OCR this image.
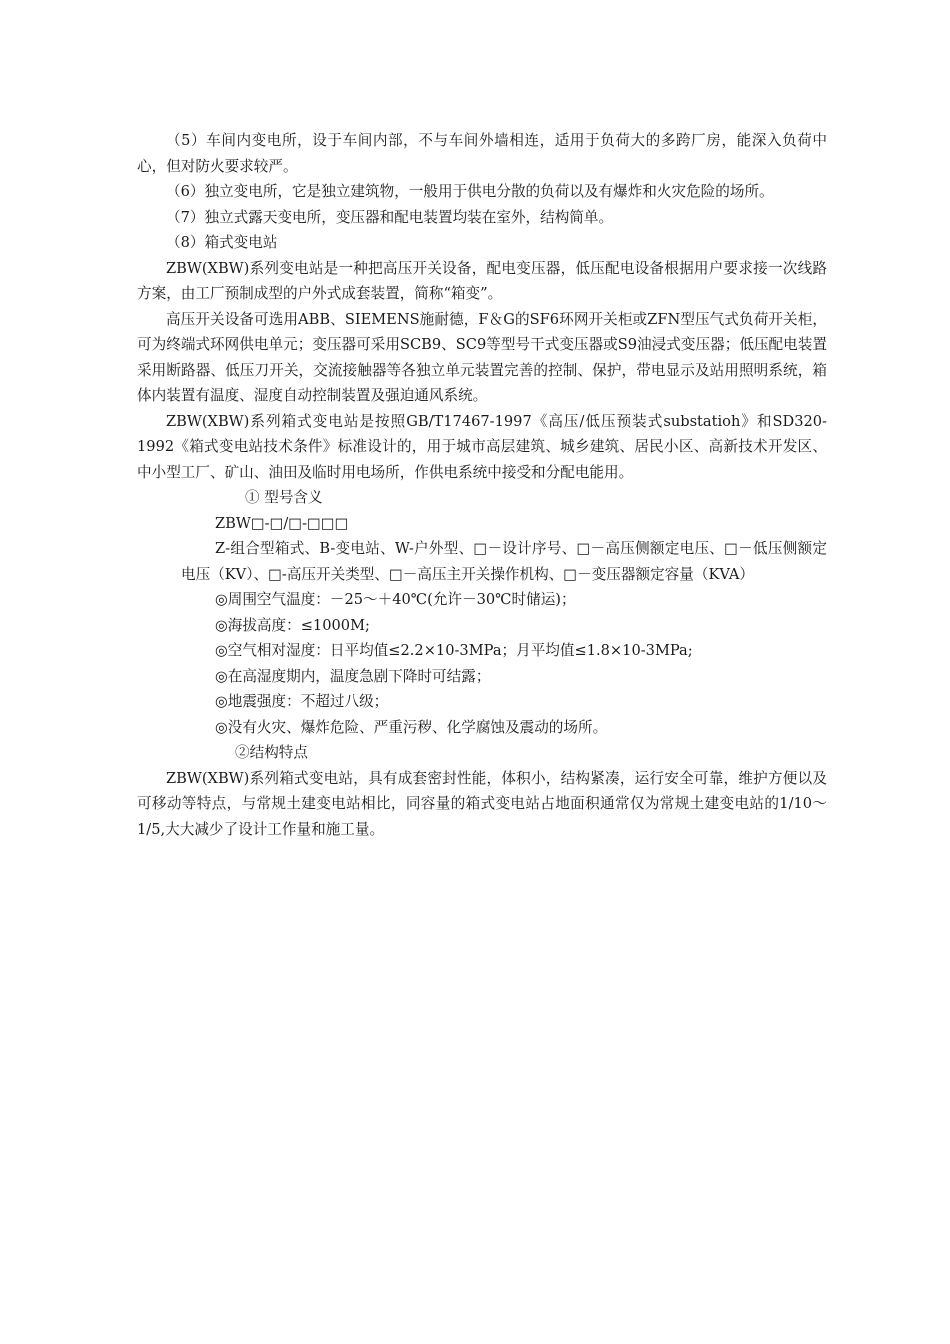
（5）车间内变电所，设于车间内部，不与车间外墙相连，适用于负荷大的多跨厂房，能深入负荷中心，但对防火要求较严。

（6）独立变电所，它是独立建筑物，一般用于供电分散的负荷以及有爆炸和火灾危险的场所。

（7）独立式露天变电所，变压器和配电装置均装在室外，结构简单。

（8）箱式变电站

ZBW(XBW)系列变电站是一种把高压开关设备，配电变压器，低压配电设备根据用户要求接一次线路方案，由工厂预制成型的户外式成套装置，简称“箱变”。

高压开关设备可选用ABB、SIEMENS施耐德，F＆G的SF6环网开关柜或ZFN型压气式负荷开关柜，可为终端式环网供电单元；变压器可采用SCB9、SC9等型号干式变压器或S9油浸式变压器；低压配电装置采用断路器、低压刀开关，交流接触器等各独立单元装置完善的控制、保护，带电显示及站用照明系统，箱体内装置有温度、湿度自动控制装置及强迫通风系统。

ZBW(XBW)系列箱式变电站是按照GB/T17467-1997《高压/低压预装式substatioh》和SD320-1992《箱式变电站技术条件》标准设计的，用于城市高层建筑、城乡建筑、居民小区、高新技术开发区、中小型工厂、矿山、油田及临时用电场所，作供电系统中接受和分配电能用。

① 型号含义

ZBW□-□/□-□□□

Z-组合型箱式、B-变电站、W-户外型、□－设计序号、□－高压侧额定电压、□－低压侧额定电压（KV）、□-高压开关类型、□－高压主开关操作机构、□－变压器额定容量（KVA）

◎周围空气温度：－25～＋40℃(允许－30℃时储运)；

◎海拔高度：≤1000M;

◎空气相对湿度：日平均值≤2.2×10-3MPa；月平均值≤1.8×10-3MPa;

◎在高湿度期内，温度急剧下降时可结露；

◎地震强度：不超过八级；

◎没有火灾、爆炸危险、严重污秽、化学腐蚀及震动的场所。

②结构特点

ZBW(XBW)系列箱式变电站，具有成套密封性能，体积小，结构紧凑，运行安全可靠，维护方便以及可移动等特点，与常规土建变电站相比，同容量的箱式变电站占地面积通常仅为常规土建变电站的1/10～1/5,大大减少了设计工作量和施工量。
